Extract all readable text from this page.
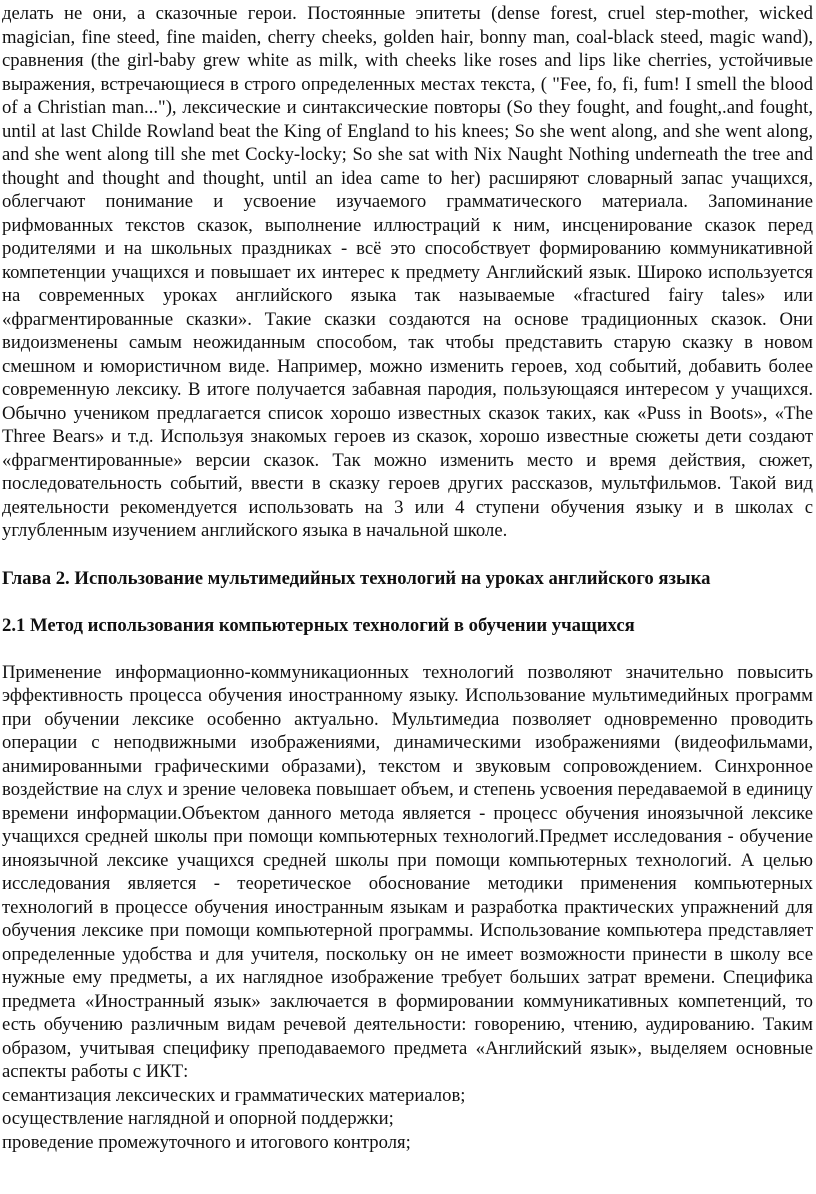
делать не они, а сказочные герои. Постоянные эпитеты (dense forest, cruel step-mother, wicked magician, fine steed, fine maiden, cherry cheeks, golden hair, bonny man, coal-black steed, magic wand), сравнения (the girl-baby grew white as milk, with cheeks like roses and lips like cherries, устойчивые выражения, встречающиеся в строго определенных местах текста, ( "Fee, fo, fi, fum! I smell the blood of a Christian man..."), лексические и синтаксические повторы (So they fought, and fought,.and fought, until at last Childe Rowland beat the King of England to his knees; So she went along, and she went along, and she went along till she met Cocky-locky; So she sat with Nix Naught Nothing underneath the tree and thought and thought and thought, until an idea came to her) расширяют словарный запас учащихся, облегчают понимание и усвоение изучаемого грамматического материала. Запоминание рифмованных текстов сказок, выполнение иллюстраций к ним, инсценирование сказок перед родителями и на школьных праздниках - всё это способствует формированию коммуникативной компетенции учащихся и повышает их интерес к предмету Английский язык. Широко используется на современных уроках английского языка так называемые «fractured fairy tales» или «фрагментированные сказки». Такие сказки создаются на основе традиционных сказок. Они видоизменены самым неожиданным способом, так чтобы представить старую сказку в новом смешном и юмористичном виде. Например, можно изменить героев, ход событий, добавить более современную лексику. В итоге получается забавная пародия, пользующаяся интересом у учащихся. Обычно учеником предлагается список хорошо известных сказок таких, как «Puss in Boots», «The Three Bears» и т.д. Используя знакомых героев из сказок, хорошо известные сюжеты дети создают «фрагментированные» версии сказок. Так можно изменить место и время действия, сюжет, последовательность событий, ввести в сказку героев других рассказов, мультфильмов. Такой вид деятельности рекомендуется использовать на 3 или 4 ступени обучения языку и в школах с углубленным изучением английского языка в начальной школе.

Глава 2. Использование мультимедийных технологий на уроках английского языка
2.1 Метод использования компьютерных технологий в обучении учащихся

Применение информационно-коммуникационных технологий позволяют значительно повысить эффективность процесса обучения иностранному языку. Использование мультимедийных программ при обучении лексике особенно актуально. Мультимедиа позволяет одновременно проводить операции с неподвижными изображениями, динамическими изображениями (видеофильмами, анимированными графическими образами), текстом и звуковым сопровождением. Синхронное воздействие на слух и зрение человека повышает объем, и степень усвоения передаваемой в единицу времени информации.Объектом данного метода является - процесс обучения иноязычной лексике учащихся средней школы при помощи компьютерных технологий.Предмет исследования - обучение иноязычной лексике учащихся средней школы при помощи компьютерных технологий. А целью исследования является - теоретическое обоснование методики применения компьютерных технологий в процессе обучения иностранным языкам и разработка практических упражнений для обучения лексике при помощи компьютерной программы. Использование компьютера представляет определенные удобства и для учителя, поскольку он не имеет возможности принести в школу все нужные ему предметы, а их наглядное изображение требует больших затрат времени. Специфика предмета «Иностранный язык» заключается в формировании коммуникативных компетенций, то есть обучению различным видам речевой деятельности: говорению, чтению, аудированию. Таким образом, учитывая специфику преподаваемого предмета «Английский язык», выделяем основные аспекты работы с ИКТ:

семантизация лексических и грамматических материалов;
осуществление наглядной и опорной поддержки;
проведение промежуточного и итогового контроля;
